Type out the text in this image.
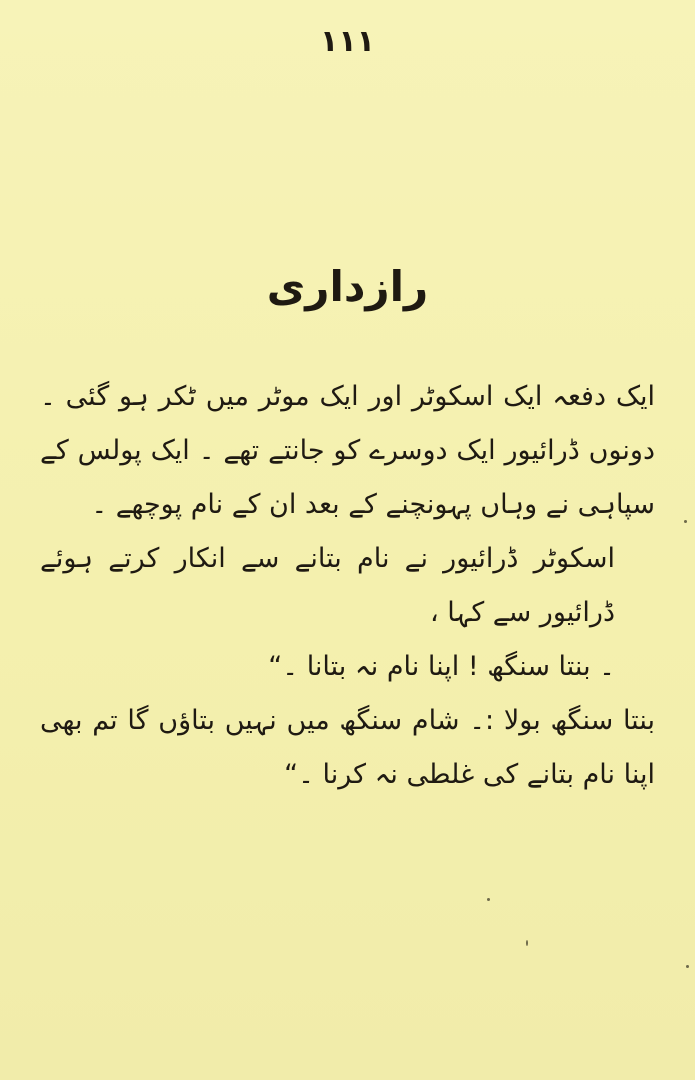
۱۱۱
رازداری

ایک دفعہ ایک اسکوٹر اور ایک موٹر میں ٹکر ہو گئی ۔ دونوں ڈرائیور ایک دوسرے کو جانتے تھے ۔ ایک پولس کے سپاہی نے وہاں پہونچنے کے بعد ان کے نام پوچھے ۔

اسکوٹر ڈرائیور نے نام بتانے سے انکار کرتے ہوئے ڈرائیور سے کہا ،

۔ بنتا سنگھ ! اپنا نام نہ بتانا ۔“

بنتا سنگھ بولا :۔ شام سنگھ میں نہیں بتاؤں گا تم بھی اپنا نام بتانے کی غلطی نہ کرنا ۔“
